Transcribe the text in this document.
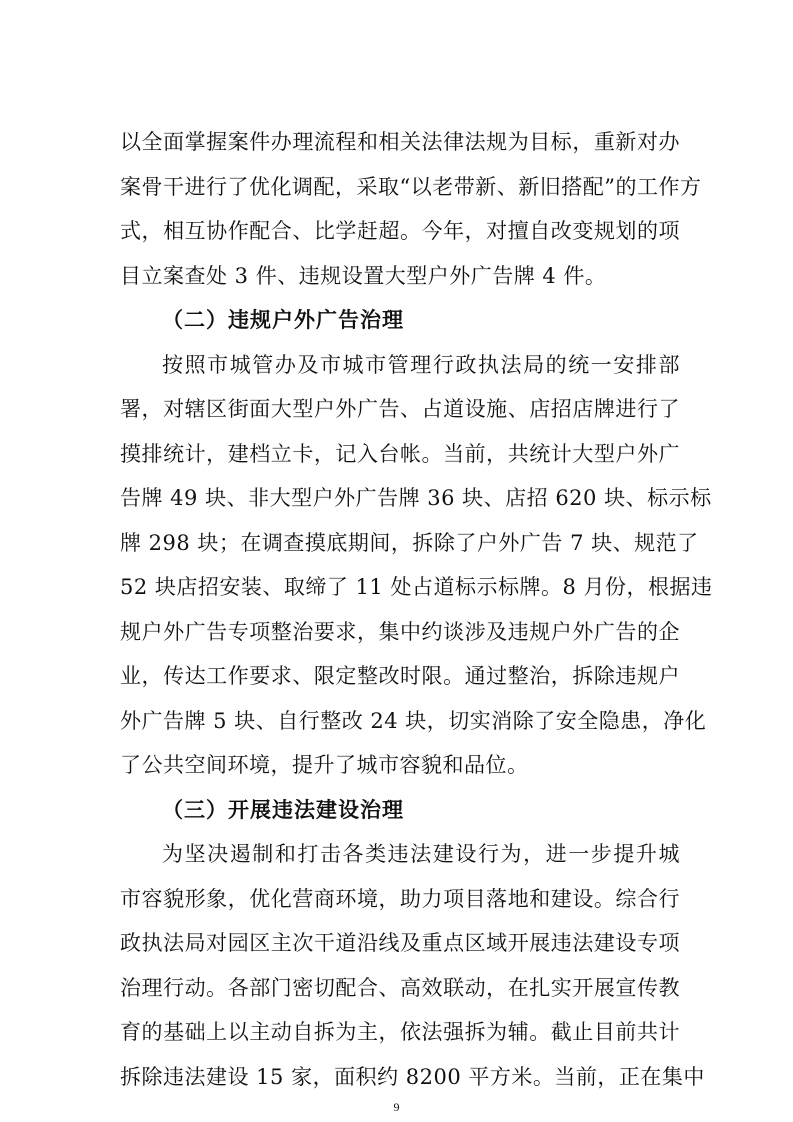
以全面掌握案件办理流程和相关法律法规为目标，重新对办
案骨干进行了优化调配，采取“以老带新、新旧搭配”的工作方
式，相互协作配合、比学赶超。今年，对擅自改变规划的项
目立案查处 3 件、违规设置大型户外广告牌 4 件。
（二）违规户外广告治理
按照市城管办及市城市管理行政执法局的统一安排部
署，对辖区街面大型户外广告、占道设施、店招店牌进行了
摸排统计，建档立卡，记入台帐。当前，共统计大型户外广
告牌 49 块、非大型户外广告牌 36 块、店招 620 块、标示标
牌 298 块；在调查摸底期间，拆除了户外广告 7 块、规范了
52 块店招安装、取缔了 11 处占道标示标牌。8 月份，根据违
规户外广告专项整治要求，集中约谈涉及违规户外广告的企
业，传达工作要求、限定整改时限。通过整治，拆除违规户
外广告牌 5 块、自行整改 24 块，切实消除了安全隐患，净化
了公共空间环境，提升了城市容貌和品位。
（三）开展违法建设治理
为坚决遏制和打击各类违法建设行为，进一步提升城
市容貌形象，优化营商环境，助力项目落地和建设。综合行
政执法局对园区主次干道沿线及重点区域开展违法建设专项
治理行动。各部门密切配合、高效联动，在扎实开展宣传教
育的基础上以主动自拆为主，依法强拆为辅。截止目前共计
拆除违法建设 15 家，面积约 8200 平方米。当前，正在集中
9
